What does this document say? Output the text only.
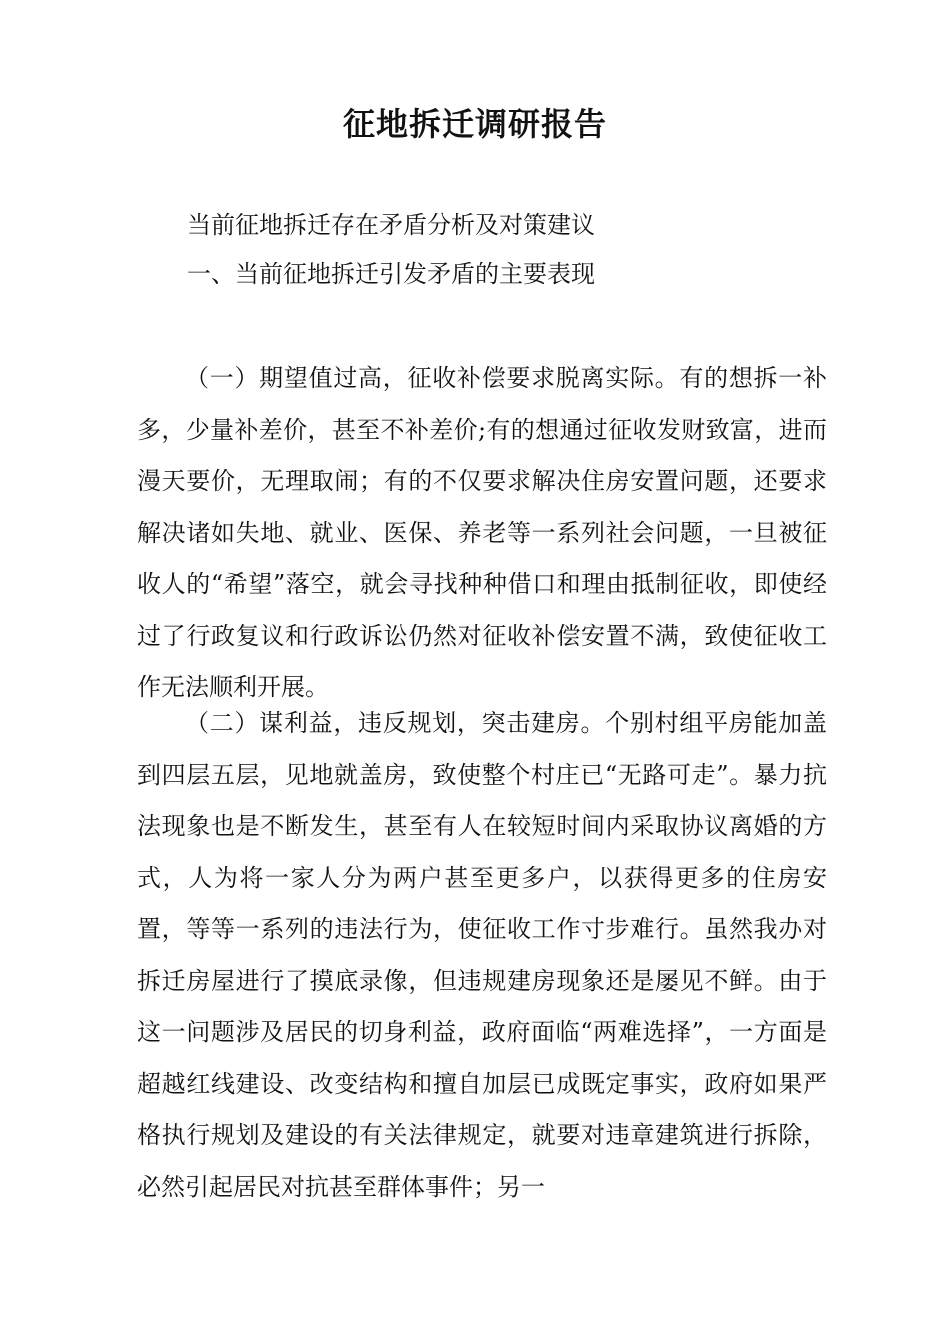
征地拆迁调研报告

当前征地拆迁存在矛盾分析及对策建议

一、当前征地拆迁引发矛盾的主要表现

（一）期望值过高，征收补偿要求脱离实际。有的想拆一补多，少量补差价，甚至不补差价;有的想通过征收发财致富，进而漫天要价，无理取闹；有的不仅要求解决住房安置问题，还要求解决诸如失地、就业、医保、养老等一系列社会问题，一旦被征收人的“希望”落空，就会寻找种种借口和理由抵制征收，即使经过了行政复议和行政诉讼仍然对征收补偿安置不满，致使征收工作无法顺利开展。

（二）谋利益，违反规划，突击建房。个别村组平房能加盖到四层五层，见地就盖房，致使整个村庄已“无路可走”。暴力抗法现象也是不断发生，甚至有人在较短时间内采取协议离婚的方式，人为将一家人分为两户甚至更多户，以获得更多的住房安置，等等一系列的违法行为，使征收工作寸步难行。虽然我办对拆迁房屋进行了摸底录像，但违规建房现象还是屡见不鲜。由于这一问题涉及居民的切身利益，政府面临“两难选择”，一方面是超越红线建设、改变结构和擅自加层已成既定事实，政府如果严格执行规划及建设的有关法律规定，就要对违章建筑进行拆除，必然引起居民对抗甚至群体事件；另一
